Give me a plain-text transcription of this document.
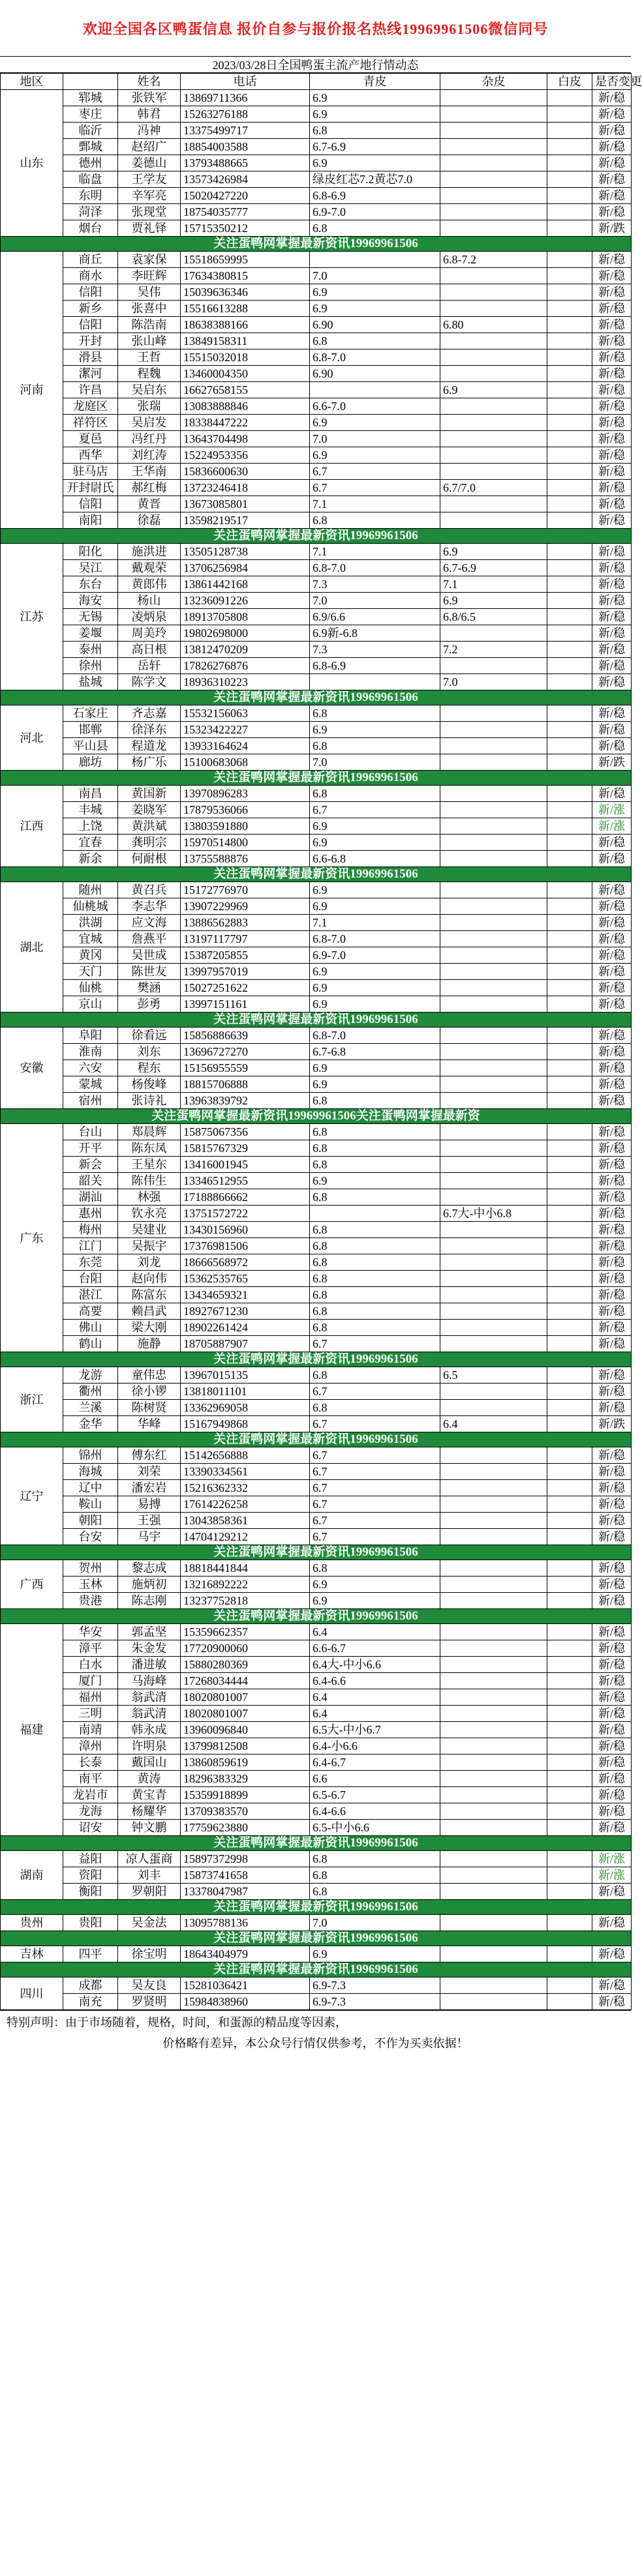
欢迎全国各区鸭蛋信息 报价自参与报价报名热线19969961506微信同号
2023/03/28日全国鸭蛋主流产地行情动态
地区		姓名	电话	青皮	杂皮	白皮	是否变更
山东	郓城	张铁军	13869711366	6.9			新/稳
	枣庄	韩君	15263276188	6.9			新/稳
	临沂	冯神	13375499717	6.8			新/稳
	鄄城	赵绍广	18854003588	6.7-6.9			新/稳
	德州	姜德山	13793488665	6.9			新/稳
	临盘	王学友	13573426984	绿皮红芯7.2黄芯7.0			新/稳
	东明	辛军亮	15020427220	6.8-6.9			新/稳
	菏泽	张现堂	18754035777	6.9-7.0			新/稳
	烟台	贾礼铎	15715350212	6.8			新/跌
关注蛋鸭网掌握最新资讯19969961506							
河南	商丘	袁家保	15518659995		6.8-7.2		新/稳
	商水	李旺辉	17634380815	7.0			新/稳
	信阳	吴伟	15039636346	6.9			新/稳
	新乡	张喜中	15516613288	6.9			新/稳
	信阳	陈浩南	18638388166	6.90	6.80		新/稳
	开封	张山峰	13849158311	6.8			新/稳
	滑县	王哲	15515032018	6.8-7.0			新/稳
	潔河	程魏	13460004350	6.90			新/稳
	许昌	吴启东	16627658155		6.9		新/稳
	龙庭区	张瑞	13083888846	6.6-7.0			新/稳
	祥符区	吴启发	18338447222	6.9			新/稳
	夏邑	冯红丹	13643704498	7.0			新/稳
	西华	刘红涛	15224953356	6.9			新/稳
	驻马店	王华南	15836600630	6.7			新/稳
	开封尉氏	郝红梅	13723246418	6.7	6.7/7.0		新/稳
	信阳	黄晋	13673085801	7.1			新/稳
	南阳	徐磊	13598219517	6.8			新/稳
关注蛋鸭网掌握最新资讯19969961506							
江苏	阳化	施洪进	13505128738	7.1	6.9		新/稳
	吴江	戴观荣	13706256984	6.8-7.0	6.7-6.9		新/稳
	东台	黄郎伟	13861442168	7.3	7.1		新/稳
	海安	杨山	13236091226	7.0	6.9		新/稳
	无锡	凌炳泉	18913705808	6.9/6.6	6.8/6.5		新/稳
	姜堰	周美玲	19802698000	6.9新-6.8			新/稳
	泰州	高日根	13812470209	7.3	7.2		新/稳
	徐州	岳轩	17826276876	6.8-6.9			新/稳
	盐城	陈学文	18936310223		7.0		新/稳
关注蛋鸭网掌握最新资讯19969961506							
河北	石家庄	齐志嘉	15532156063	6.8			新/稳
	邯郸	徐泽东	15323422227	6.9			新/稳
	平山县	程道龙	13933164624	6.8			新/稳
	廊坊	杨广乐	15100683068	7.0			新/跌
关注蛋鸭网掌握最新资讯19969961506							
江西	南昌	黄国新	13970896283	6.8			新/稳
	丰城	姜晓军	17879536066	6.7			新/涨
	上饶	黄洪斌	13803591880	6.9			新/涨
	宜春	龚明宗	15970514800	6.9			新/稳
	新余	何耐根	13755588876	6.6-6.8			新/稳
关注蛋鸭网掌握最新资讯19969961506							
湖北	随州	黄召兵	15172776970	6.9			新/稳
	仙桃城	李志华	13907229969	6.9			新/稳
	洪湖	应文海	13886562883	7.1			新/稳
	宜城	詹燕平	13197117797	6.8-7.0			新/稳
	黄冈	吴世成	15387205855	6.9-7.0			新/稳
	天门	陈世友	13997957019	6.9			新/稳
	仙桃	樊涵	15027251622	6.9			新/稳
	京山	彭勇	13997151161	6.9			新/稳
关注蛋鸭网掌握最新资讯19969961506							
安徽	阜阳	徐看远	15856886639	6.8-7.0			新/稳
	淮南	刘东	13696727270	6.7-6.8			新/稳
	六安	程东	15156955559	6.9			新/稳
	蒙城	杨俊峰	18815706888	6.9			新/稳
	宿州	张诗礼	13963839792	6.8			新/稳
关注蛋鸭网掌握最新资讯19969961506关注蛋鸭网掌握最新资							
广东	台山	郑晨辉	15875067356	6.8			新/稳
	开平	陈东凤	15815767329	6.8			新/稳
	新会	王星东	13416001945	6.8			新/稳
	韶关	陈伟生	13346512955	6.9			新/稳
	湖汕	林强	17188866662	6.8			新/稳
	惠州	钦永亮	13751572722		6.7大-中小6.8		新/稳
	梅州	吴建业	13430156960	6.8			新/稳
	江门	吴振宇	17376981506	6.8			新/稳
	东莞	刘龙	18666568972	6.8			新/稳
	台阳	赵向伟	15362535765	6.8			新/稳
	湛江	陈富东	13434659321	6.8			新/稳
	高要	赖昌武	18927671230	6.8			新/稳
	佛山	梁大刚	18902261424	6.8			新/稳
	鹤山	施静	18705887907	6.7			新/稳
关注蛋鸭网掌握最新资讯19969961506							
浙江	龙游	童伟忠	13967015135	6.8	6.5		新/稳
	衢州	徐小锣	13818011101	6.7			新/稳
	兰溪	陈树贤	13362969058	6.8			新/稳
	金华	华峰	15167949868	6.7	6.4		新/跌
关注蛋鸭网掌握最新资讯19969961506							
辽宁	锦州	傅东红	15142656888	6.7			新/稳
	海城	刘荣	13390334561	6.7			新/稳
	辽中	潘宏岩	15216362332	6.7			新/稳
	鞍山	易搏	17614226258	6.7			新/稳
	朝阳	王强	13043858361	6.7			新/稳
	台安	马宇	14704129212	6.7			新/稳
关注蛋鸭网掌握最新资讯19969961506							
广西	贺州	黎志成	18818441844	6.8			新/稳
	玉林	施炳初	13216892222	6.9			新/稳
	贵港	陈志刚	13237752818	6.9			新/稳
关注蛋鸭网掌握最新资讯19969961506							
福建	华安	郭孟坚	15359662357	6.4			新/稳
	漳平	朱金发	17720900060	6.6-6.7			新/稳
	白水	潘进敏	15880280369	6.4大-中小6.6			新/稳
	厦门	马海峰	17268034444	6.4-6.6			新/稳
	福州	翁武清	18020801007	6.4			新/稳
	三明	翁武清	18020801007	6.4			新/稳
	南靖	韩永成	13960096840	6.5大-中小6.7			新/稳
	漳州	许明泉	13799812508	6.4-小6.6			新/稳
	长泰	戴国山	13860859619	6.4-6.7			新/稳
	南平	黄涛	18296383329	6.6			新/稳
	龙岩市	黄宝青	15359918899	6.5-6.7			新/稳
	龙海	杨耀华	13709383570	6.4-6.6			新/稳
	诏安	钟文鹏	17759623880	6.5-中小6.6			新/稳
关注蛋鸭网掌握最新资讯19969961506							
湖南	益阳	凉人蛋商	15897372998	6.8			新/涨
	资阳	刘丰	15873741658	6.8			新/涨
	衡阳	罗朝阳	13378047987	6.8			新/稳
关注蛋鸭网掌握最新资讯19969961506							
贵州	贵阳	吴金法	13095788136	7.0			新/稳
关注蛋鸭网掌握最新资讯19969961506							
吉林	四平	徐宝明	18643404979	6.9			新/稳
关注蛋鸭网掌握最新资讯19969961506							
四川	成都	吴友良	15281036421	6.9-7.3			新/稳
	南充	罗贤明	15984838960	6.9-7.3			新/稳
特别声明：由于市场随着，规格，时间，和蛋源的精品度等因素，
价格略有差异，本公众号行情仅供参考，不作为买卖依据！
